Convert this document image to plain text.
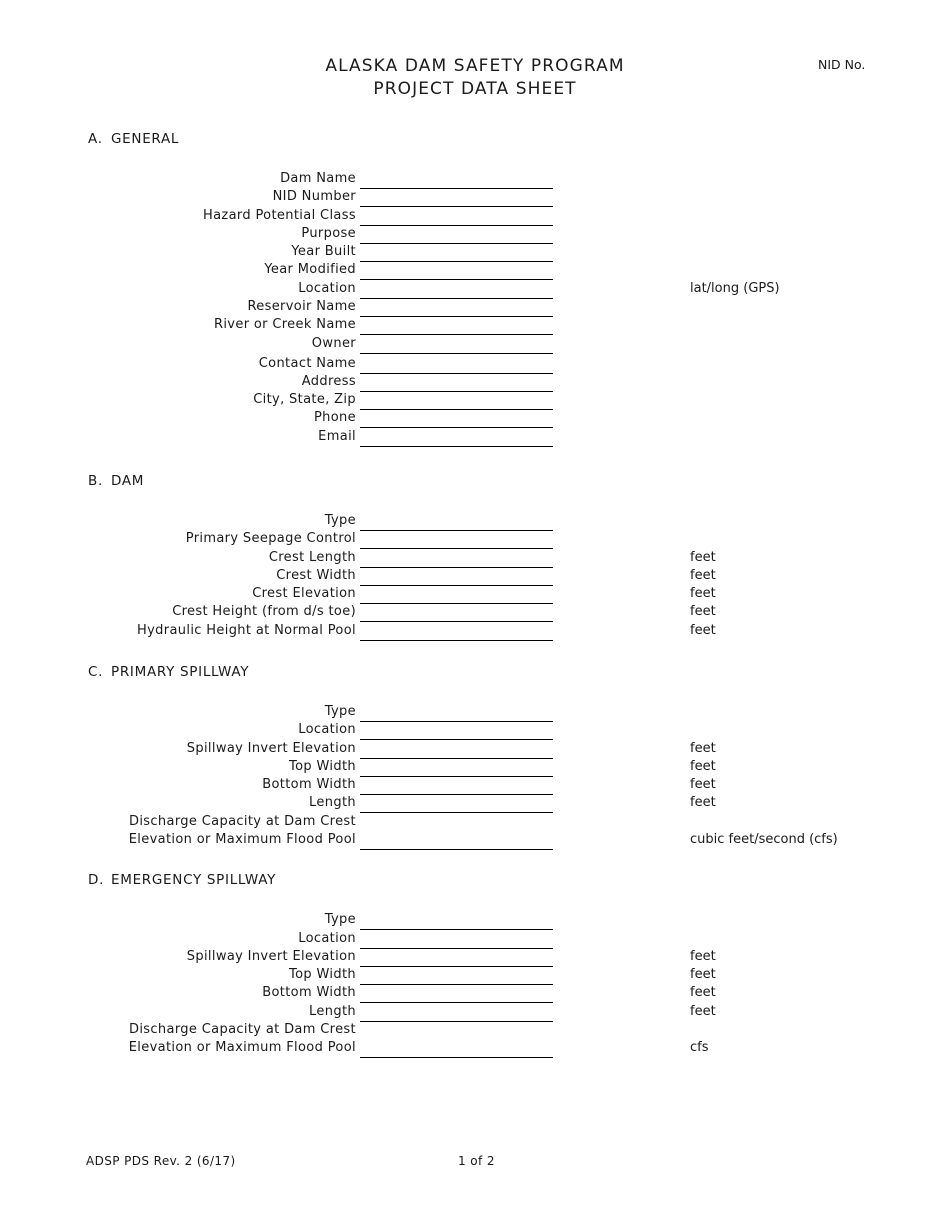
ALASKA DAM SAFETY PROGRAM
PROJECT DATA SHEET
NID No.
A. GENERAL
Dam Name
NID Number
Hazard Potential Class
Purpose
Year Built
Year Modified
Location	lat/long (GPS)
Reservoir Name
River or Creek Name
Owner
Contact Name
Address
City, State, Zip
Phone
Email
B. DAM
Type
Primary Seepage Control
Crest Length	feet
Crest Width	feet
Crest Elevation	feet
Crest Height (from d/s toe)	feet
Hydraulic Height at Normal Pool	feet
C. PRIMARY SPILLWAY
Type
Location
Spillway Invert Elevation	feet
Top Width	feet
Bottom Width	feet
Length	feet
Discharge Capacity at Dam Crest
Elevation or Maximum Flood Pool	cubic feet/second (cfs)
D. EMERGENCY SPILLWAY
Type
Location
Spillway Invert Elevation	feet
Top Width	feet
Bottom Width	feet
Length	feet
Discharge Capacity at Dam Crest
Elevation or Maximum Flood Pool	cfs
ADSP PDS Rev. 2 (6/17)	1 of 2
